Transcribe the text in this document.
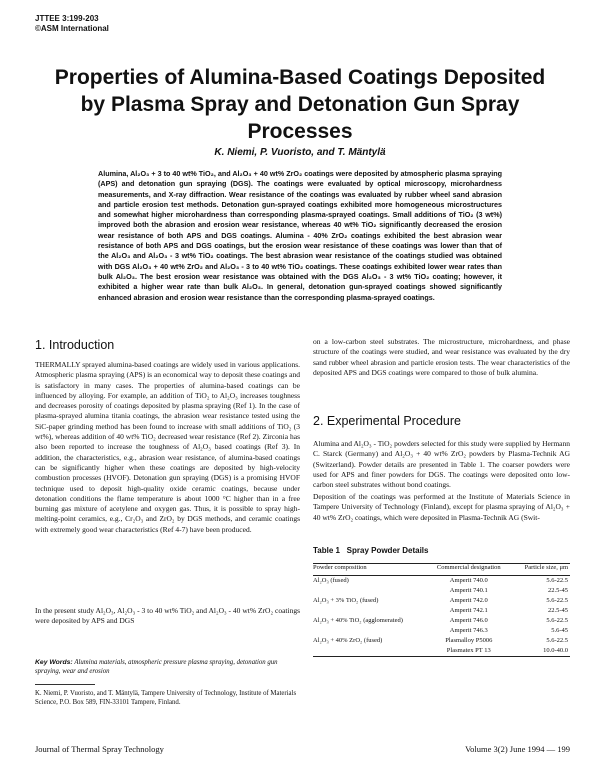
JTTEE 3:199-203
©ASM International
Properties of Alumina-Based Coatings Deposited by Plasma Spray and Detonation Gun Spray Processes
K. Niemi, P. Vuoristo, and T. Mäntylä
Alumina, Al₂O₃ + 3 to 40 wt% TiO₂, and Al₂O₃ + 40 wt% ZrO₂ coatings were deposited by atmospheric plasma spraying (APS) and detonation gun spraying (DGS). The coatings were evaluated by optical microscopy, microhardness measurements, and X-ray diffraction. Wear resistance of the coatings was evaluated by rubber wheel sand abrasion and particle erosion test methods. Detonation gun-sprayed coatings exhibited more homogeneous microstructures and somewhat higher microhardness than corresponding plasma-sprayed coatings. Small additions of TiO₂ (3 wt%) improved both the abrasion and erosion wear resistance, whereas 40 wt% TiO₂ significantly decreased the erosion wear resistance of both APS and DGS coatings. Alumina - 40% ZrO₂ coatings exhibited the best abrasion wear resistance of both APS and DGS coatings, but the erosion wear resistance of these coatings was lower than that of the Al₂O₃ and Al₂O₃ - 3 wt% TiO₂ coatings. The best abrasion wear resistance of the coatings studied was obtained with DGS Al₂O₃ + 40 wt% ZrO₂ and Al₂O₃ - 3 to 40 wt% TiO₂ coatings. These coatings exhibited lower wear rates than bulk Al₂O₃. The best erosion wear resistance was obtained with the DGS Al₂O₃ - 3 wt% TiO₂ coating; however, it exhibited a higher wear rate than bulk Al₂O₃. In general, detonation gun-sprayed coatings showed significantly enhanced abrasion and erosion wear resistance than the corresponding plasma-sprayed coatings.
1. Introduction
THERMALLY sprayed alumina-based coatings are widely used in various applications. Atmospheric plasma spraying (APS) is an economical way to deposit these coatings and is satisfactory in many cases. The properties of alumina-based coatings can be influenced by alloying. For example, an addition of TiO₂ to Al₂O₃ increases toughness and decreases porosity of coatings deposited by plasma spraying (Ref 1). In the case of plasma-sprayed alumina titania coatings, the abrasion wear resistance tested using the SiC-paper grinding method has been found to increase with small additions of TiO₂ (3 wt%), whereas addition of 40 wt% TiO₂ decreased wear resistance (Ref 2). Zirconia has also been reported to increase the toughness of Al₂O₃ based coatings (Ref 3). In addition, the characteristics, e.g., abrasion wear resistance, of alumina-based coatings can be significantly higher when these coatings are deposited by high-velocity combustion processes (HVOF). Detonation gun spraying (DGS) is a promising HVOF technique used to deposit high-quality oxide ceramic coatings, because under detonation conditions the flame temperature is about 1000 °C higher than in a free burning gas mixture of acetylene and oxygen gas. Thus, it is possible to spray high-melting-point ceramics, e.g., Cr₂O₃ and ZrO₂ by DGS methods, and ceramic coatings with extremely good wear characteristics (Ref 4-7) have been produced.
In the present study Al₂O₃, Al₂O₃ - 3 to 40 wt% TiO₂ and Al₂O₃ - 40 wt% ZrO₂ coatings were deposited by APS and DGS
on a low-carbon steel substrates. The microstructure, microhardness, and phase structure of the coatings were studied, and wear resistance was evaluated by the dry sand rubber wheel abrasion and particle erosion tests. The wear characteristics of the deposited APS and DGS coatings were compared to those of bulk alumina.
2. Experimental Procedure
Alumina and Al₂O₃ - TiO₂ powders selected for this study were supplied by Hermann C. Starck (Germany) and Al₂O₃ + 40 wt% ZrO₂ powders by Plasma-Technik AG (Switzerland). Powder details are presented in Table 1. The coarser powders were used for APS and finer powders for DGS. The coatings were deposited onto low-carbon steel substrates without bond coatings.
Deposition of the coatings was performed at the Institute of Materials Science in Tampere University of Technology (Finland), except for plasma spraying of Al₂O₃ + 40 wt% ZrO₂ coatings, which were deposited in Plasma-Technik AG (Swit-
Table 1 Spray Powder Details
Powder composition	Commercial designation	Particle size, μm
Al₂O₃ (fused)	Amperit 740.0	5.6-22.5
	Amperit 740.1	22.5-45
Al₂O₃ + 3% TiO₂ (fused)	Amperit 742.0	5.6-22.5
	Amperit 742.1	22.5-45
Al₂O₃ + 40% TiO₂ (agglomerated)	Amperit 746.0	5.6-22.5
	Amperit 746.3	5.6-45
Al₂O₃ + 40% ZrO₂ (fused)	Plasmalloy P5006	5.6-22.5
	Plasmatex PT 13	10.0-40.0
Key Words: Alumina materials, atmospheric pressure plasma spraying, detonation gun spraying, wear and erosion
K. Niemi, P. Vuoristo, and T. Mäntylä, Tampere University of Technology, Institute of Materials Science, P.O. Box 589, FIN-33101 Tampere, Finland.
Journal of Thermal Spray Technology	Volume 3(2) June 1994 — 199
